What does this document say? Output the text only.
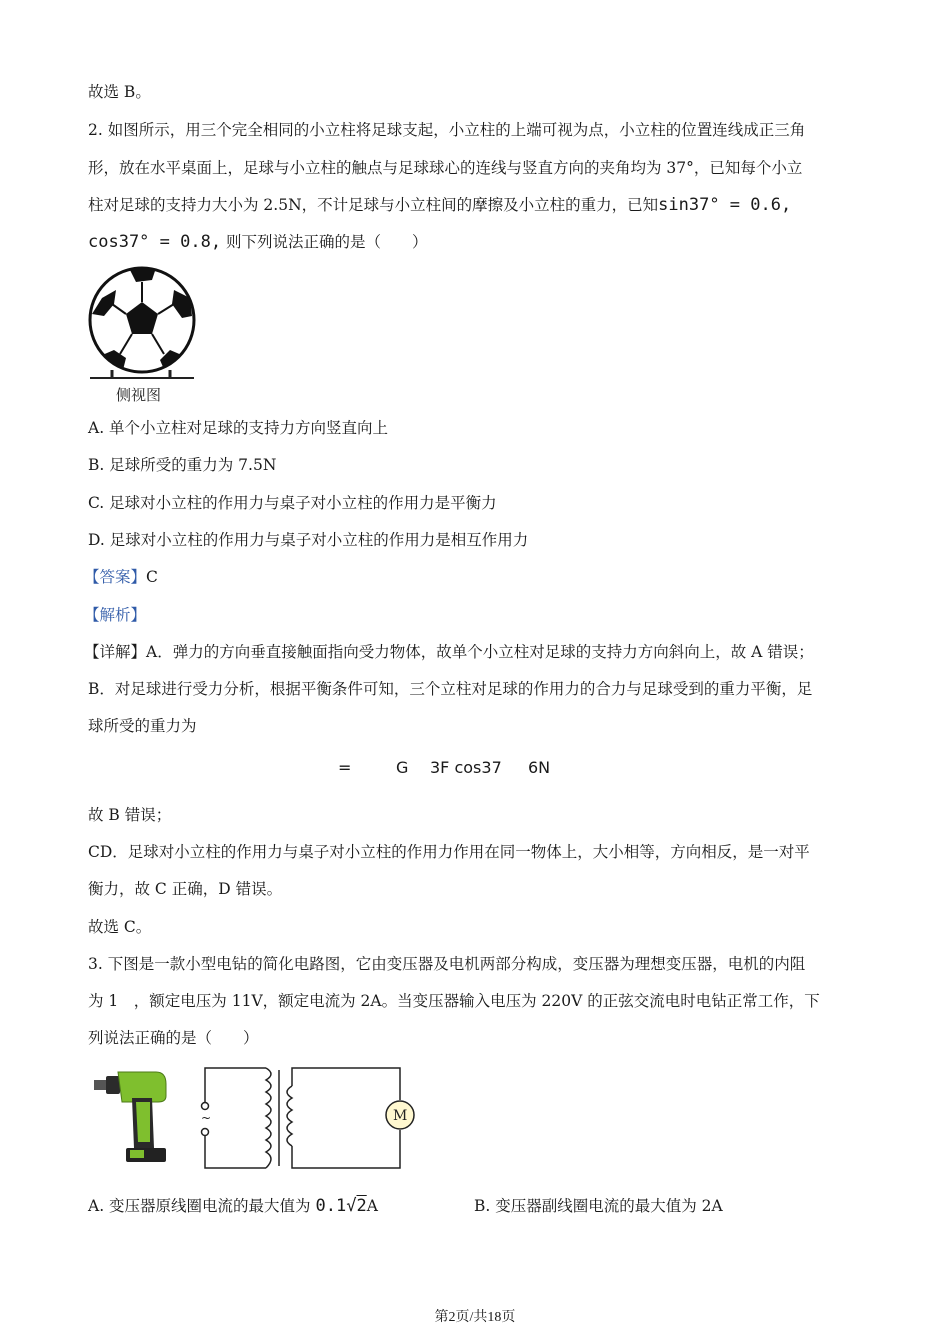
故选 B。
2. 如图所示，用三个完全相同的小立柱将足球支起，小立柱的上端可视为点，小立柱的位置连线成正三角
形，放在水平桌面上，足球与小立柱的触点与足球球心的连线与竖直方向的夹角均为 37°，已知每个小立
柱对足球的支持力大小为 2.5N，不计足球与小立柱间的摩擦及小立柱的重力，已知sin37° = 0.6,
cos37° = 0.8, 则下列说法正确的是（　　）
侧视图
A. 单个小立柱对足球的支持力方向竖直向上
B. 足球所受的重力为 7.5N
C. 足球对小立柱的作用力与桌子对小立柱的作用力是平衡力
D. 足球对小立柱的作用力与桌子对小立柱的作用力是相互作用力
【答案】C
【解析】
【详解】A．弹力的方向垂直接触面指向受力物体，故单个小立柱对足球的支持力方向斜向上，故 A 错误；
B．对足球进行受力分析，根据平衡条件可知，三个立柱对足球的作用力的合力与足球受到的重力平衡，足
球所受的重力为
=	G 3F cos37 6N
故 B 错误；
CD．足球对小立柱的作用力与桌子对小立柱的作用力作用在同一物体上，大小相等，方向相反，是一对平
衡力，故 C 正确，D 错误。
故选 C。
3. 下图是一款小型电钻的简化电路图，它由变压器及电机两部分构成，变压器为理想变压器，电机的内阻
为 1　，额定电压为 11V，额定电流为 2A。当变压器输入电压为 220V 的正弦交流电时电钻正常工作，下
列说法正确的是（　　）
~	M
A. 变压器原线圈电流的最大值为 0.1√2A	B. 变压器副线圈电流的最大值为 2A
第2页/共18页
